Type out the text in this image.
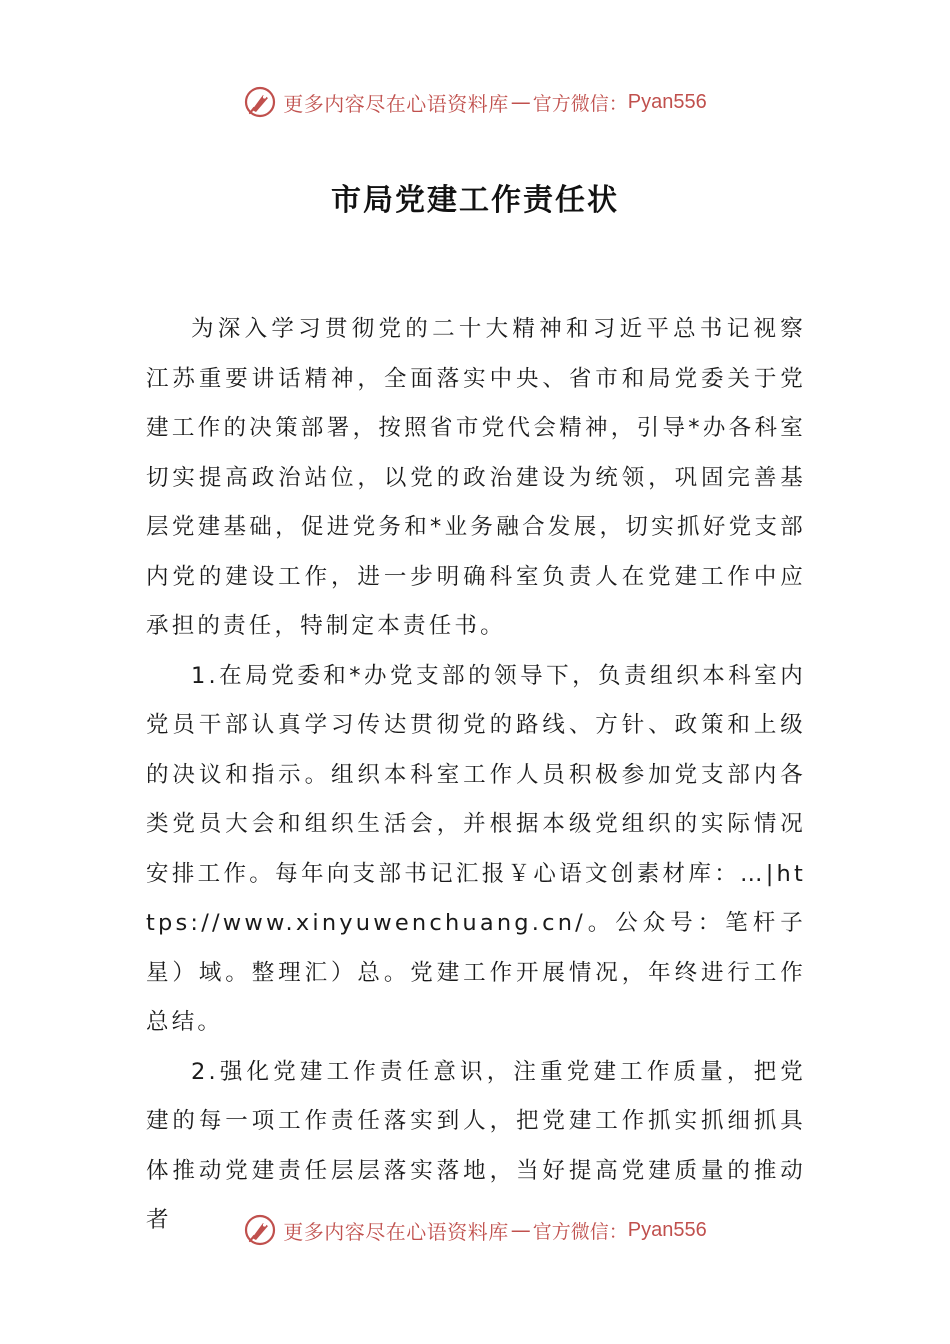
更多内容尽在心语资料库 — 官方微信： Pyan556
市局党建工作责任状

为深入学习贯彻党的二十大精神和习近平总书记视察江苏重要讲话精神，全面落实中央、省市和局党委关于党建工作的决策部署，按照省市党代会精神，引导*办各科室切实提高政治站位，以党的政治建设为统领，巩固完善基层党建基础，促进党务和*业务融合发展，切实抓好党支部内党的建设工作，进一步明确科室负责人在党建工作中应承担的责任，特制定本责任书。

1.在局党委和*办党支部的领导下，负责组织本科室内党员干部认真学习传达贯彻党的路线、方针、政策和上级的决议和指示。组织本科室工作人员积极参加党支部内各类党员大会和组织生活会，并根据本级党组织的实际情况安排工作。每年向支部书记汇报￥心语文创素材库：…|https://www.xinyuwenchuang.cn/。公众号：笔杆子星）域。整理汇）总。党建工作开展情况，年终进行工作总结。

2.强化党建工作责任意识，注重党建工作质量，把党建的每一项工作责任落实到人，把党建工作抓实抓细抓具体推动党建责任层层落实落地，当好提高党建质量的推动者	更多内容尽在心语资料库 — 官方微信： Pyan556
